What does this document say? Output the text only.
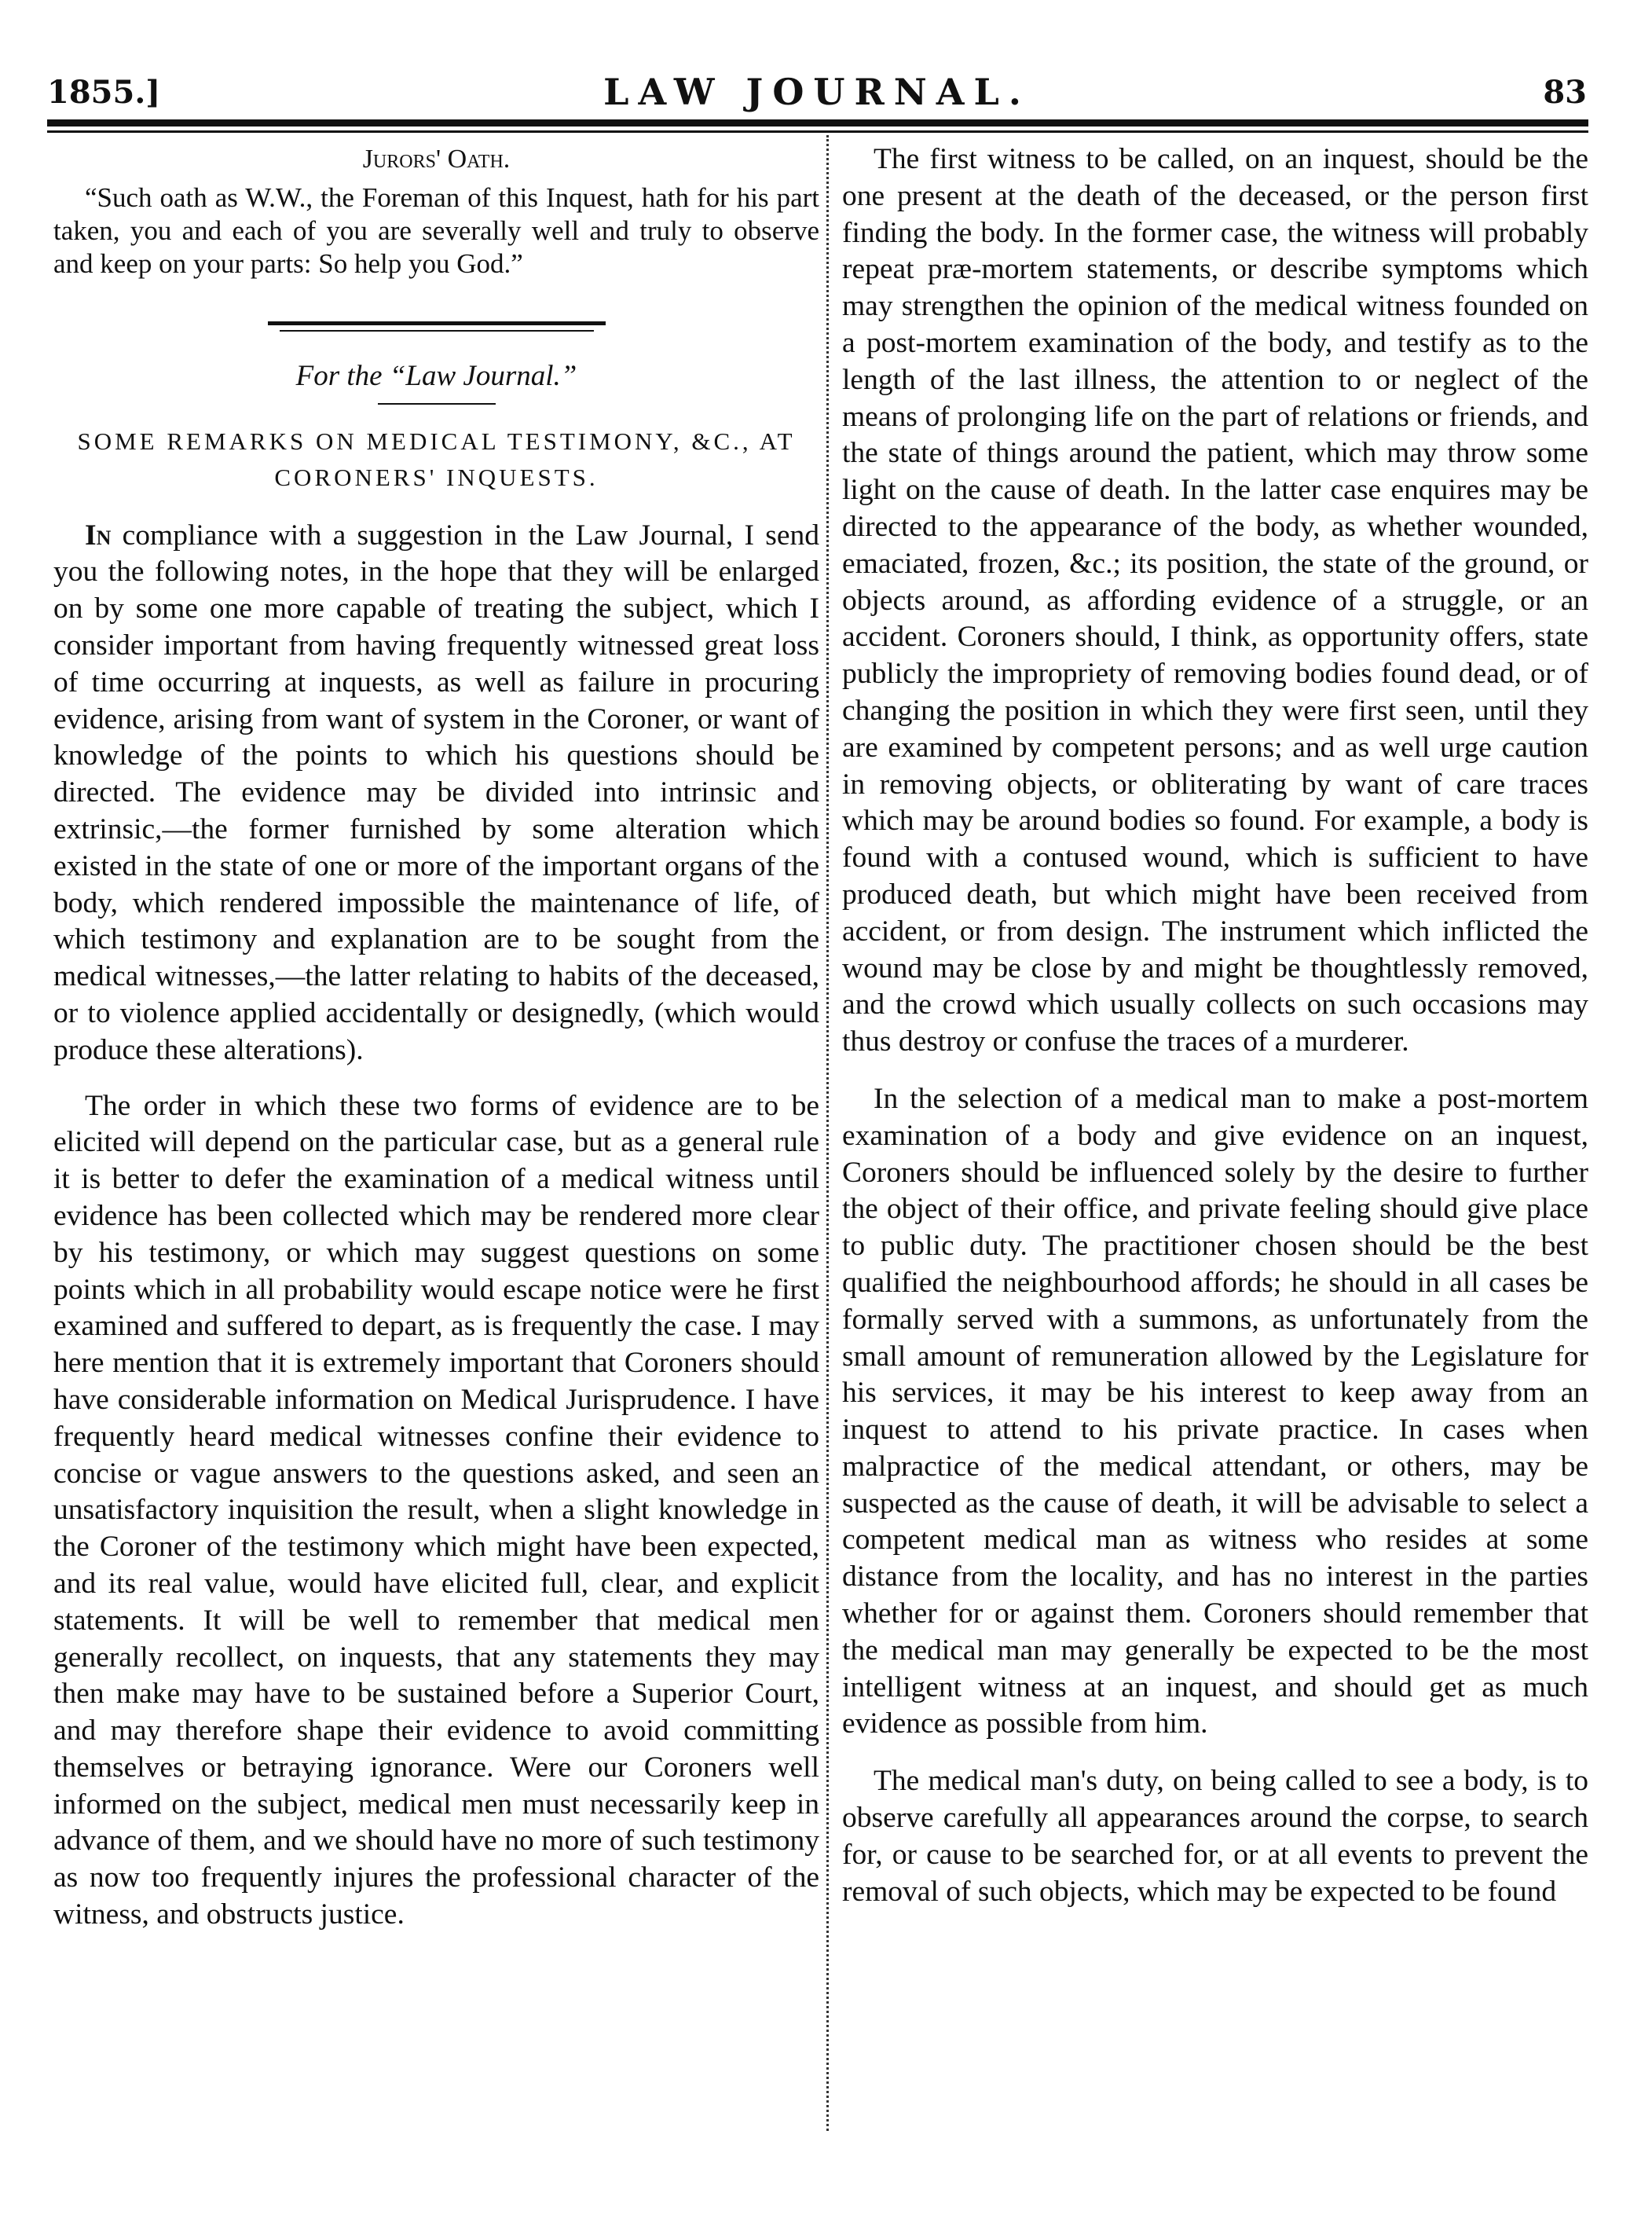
1855.]	LAW JOURNAL.	83

Jurors' Oath.

“Such oath as W.W., the Foreman of this Inquest, hath for his part taken, you and each of you are severally well and truly to observe and keep on your parts: So help you God.”

For the “Law Journal.”

SOME REMARKS ON MEDICAL TESTIMONY, &C., AT CORONERS' INQUESTS.

In compliance with a suggestion in the Law Journal, I send you the following notes, in the hope that they will be enlarged on by some one more capable of treating the subject, which I consider important from having frequently witnessed great loss of time occurring at inquests, as well as failure in procuring evidence, arising from want of system in the Coroner, or want of knowledge of the points to which his questions should be directed. The evidence may be divided into intrinsic and extrinsic,—the former furnished by some alteration which existed in the state of one or more of the important organs of the body, which rendered impossible the maintenance of life, of which testimony and explanation are to be sought from the medical witnesses,—the latter relating to habits of the deceased, or to violence applied accidentally or designedly, (which would produce these alterations).

The order in which these two forms of evidence are to be elicited will depend on the particular case, but as a general rule it is better to defer the examination of a medical witness until evidence has been collected which may be rendered more clear by his testimony, or which may suggest questions on some points which in all probability would escape notice were he first examined and suffered to depart, as is frequently the case. I may here mention that it is extremely important that Coroners should have considerable information on Medical Jurisprudence. I have frequently heard medical witnesses confine their evidence to concise or vague answers to the questions asked, and seen an unsatisfactory inquisition the result, when a slight knowledge in the Coroner of the testimony which might have been expected, and its real value, would have elicited full, clear, and explicit statements. It will be well to remember that medical men generally recollect, on inquests, that any statements they may then make may have to be sustained before a Superior Court, and may therefore shape their evidence to avoid committing themselves or betraying ignorance. Were our Coroners well informed on the subject, medical men must necessarily keep in advance of them, and we should have no more of such testimony as now too frequently injures the professional character of the witness, and obstructs justice.

The first witness to be called, on an inquest, should be the one present at the death of the deceased, or the person first finding the body. In the former case, the witness will probably repeat præ-mortem statements, or describe symptoms which may strengthen the opinion of the medical witness founded on a post-mortem examination of the body, and testify as to the length of the last illness, the attention to or neglect of the means of prolonging life on the part of relations or friends, and the state of things around the patient, which may throw some light on the cause of death. In the latter case enquires may be directed to the appearance of the body, as whether wounded, emaciated, frozen, &c.; its position, the state of the ground, or objects around, as affording evidence of a struggle, or an accident. Coroners should, I think, as opportunity offers, state publicly the impropriety of removing bodies found dead, or of changing the position in which they were first seen, until they are examined by competent persons; and as well urge caution in removing objects, or obliterating by want of care traces which may be around bodies so found. For example, a body is found with a contused wound, which is sufficient to have produced death, but which might have been received from accident, or from design. The instrument which inflicted the wound may be close by and might be thoughtlessly removed, and the crowd which usually collects on such occasions may thus destroy or confuse the traces of a murderer.

In the selection of a medical man to make a post-mortem examination of a body and give evidence on an inquest, Coroners should be influenced solely by the desire to further the object of their office, and private feeling should give place to public duty. The practitioner chosen should be the best qualified the neighbourhood affords; he should in all cases be formally served with a summons, as unfortunately from the small amount of remuneration allowed by the Legislature for his services, it may be his interest to keep away from an inquest to attend to his private practice. In cases when malpractice of the medical attendant, or others, may be suspected as the cause of death, it will be advisable to select a competent medical man as witness who resides at some distance from the locality, and has no interest in the parties whether for or against them. Coroners should remember that the medical man may generally be expected to be the most intelligent witness at an inquest, and should get as much evidence as possible from him.

The medical man's duty, on being called to see a body, is to observe carefully all appearances around the corpse, to search for, or cause to be searched for, or at all events to prevent the removal of such objects, which may be expected to be found
